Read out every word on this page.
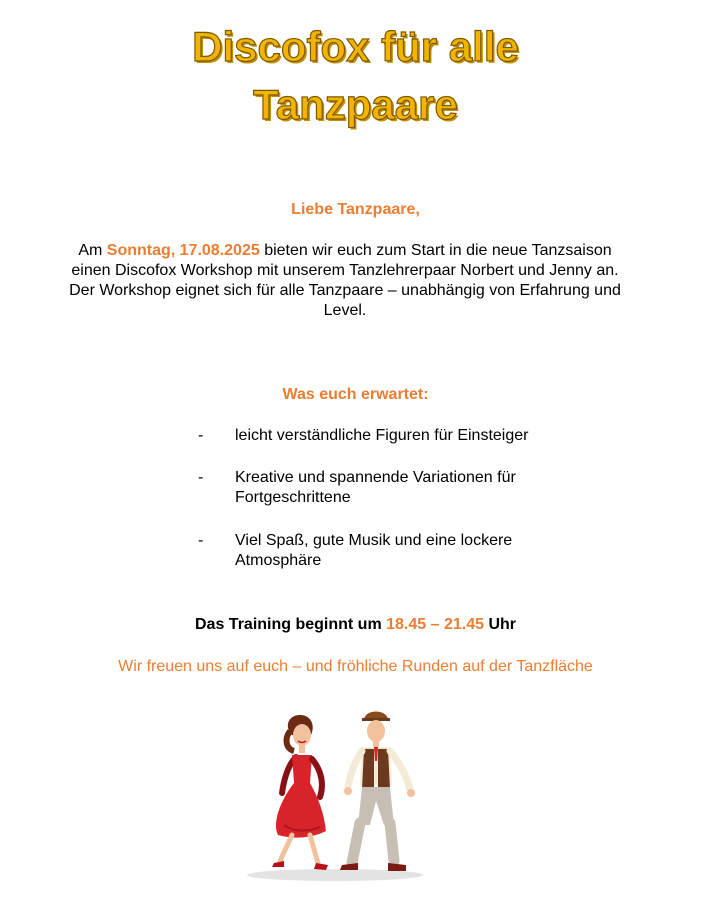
Discofox für alle
Tanzpaare
Liebe Tanzpaare,
Am Sonntag, 17.08.2025 bieten wir euch zum Start in die neue Tanzsaison
einen Discofox Workshop mit unserem Tanzlehrerpaar Norbert und Jenny an.
Der Workshop eignet sich für alle Tanzpaare – unabhängig von Erfahrung und Level.
Was euch erwartet:
- leicht verständliche Figuren für Einsteiger
- Kreative und spannende Variationen für Fortgeschrittene
- Viel Spaß, gute Musik und eine lockere Atmosphäre
Das Training beginnt um 18.45 – 21.45 Uhr
Wir freuen uns auf euch – und fröhliche Runden auf der Tanzfläche
